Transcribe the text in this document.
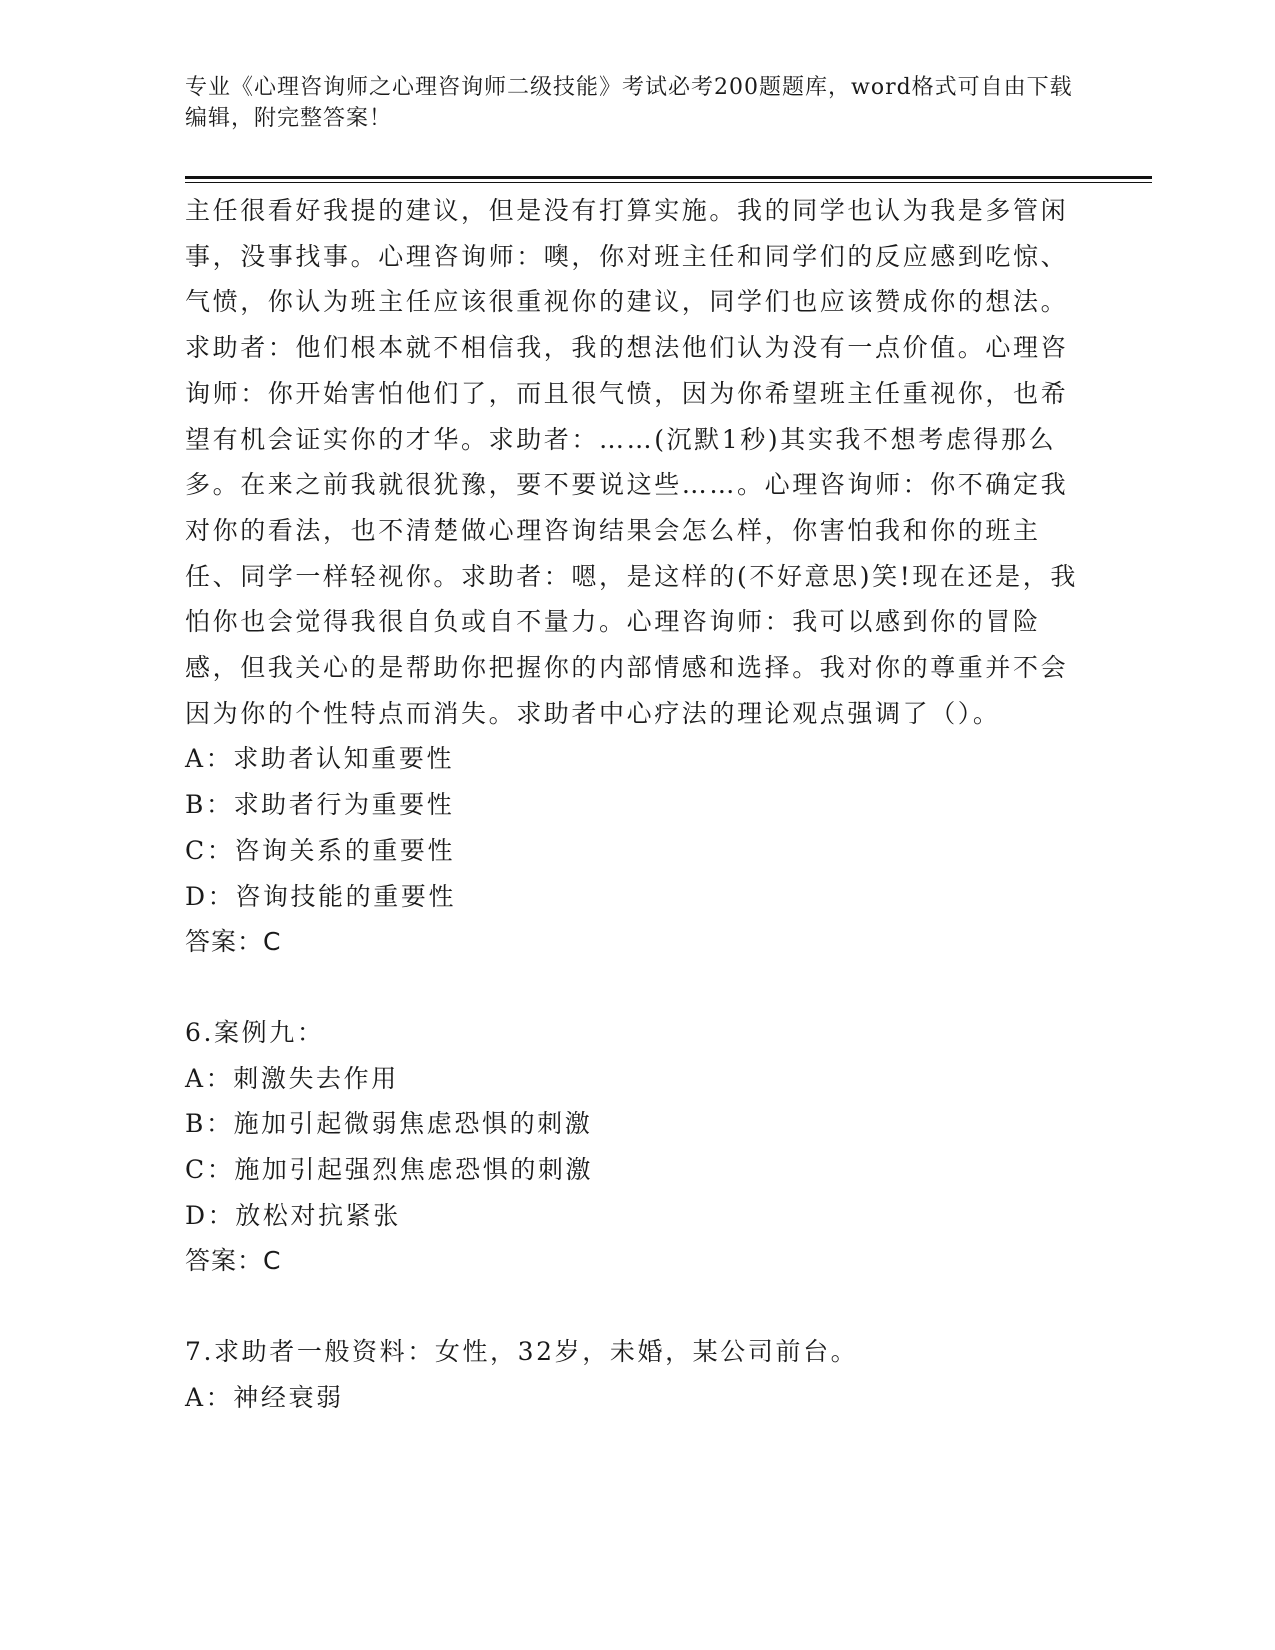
专业《心理咨询师之心理咨询师二级技能》考试必考200题题库，word格式可自由下载编辑，附完整答案！

主任很看好我提的建议，但是没有打算实施。我的同学也认为我是多管闲事，没事找事。心理咨询师：噢，你对班主任和同学们的反应感到吃惊、气愤，你认为班主任应该很重视你的建议，同学们也应该赞成你的想法。求助者：他们根本就不相信我，我的想法他们认为没有一点价值。心理咨询师：你开始害怕他们了，而且很气愤，因为你希望班主任重视你，也希望有机会证实你的才华。求助者：……(沉默1秒)其实我不想考虑得那么多。在来之前我就很犹豫，要不要说这些……。心理咨询师：你不确定我对你的看法，也不清楚做心理咨询结果会怎么样，你害怕我和你的班主任、同学一样轻视你。求助者：嗯，是这样的(不好意思)笑!现在还是，我怕你也会觉得我很自负或自不量力。心理咨询师：我可以感到你的冒险感，但我关心的是帮助你把握你的内部情感和选择。我对你的尊重并不会因为你的个性特点而消失。求助者中心疗法的理论观点强调了（）。

A：求助者认知重要性
B：求助者行为重要性
C：咨询关系的重要性
D：咨询技能的重要性
答案：C
6.案例九：
A：刺激失去作用
B：施加引起微弱焦虑恐惧的刺激
C：施加引起强烈焦虑恐惧的刺激
D：放松对抗紧张
答案：C
7.求助者一般资料：女性，32岁，未婚，某公司前台。
A：神经衰弱
